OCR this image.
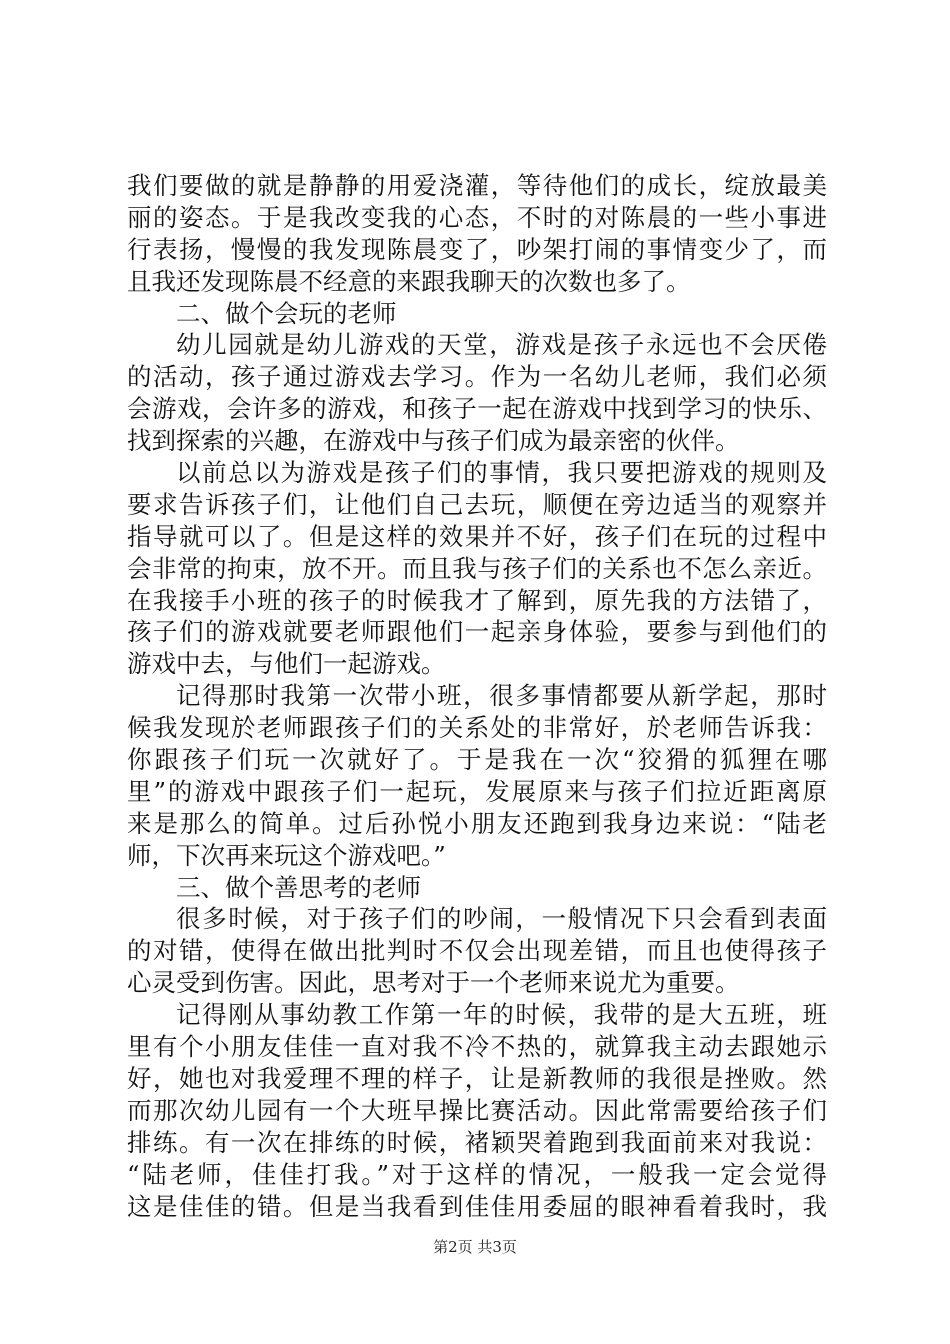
我们要做的就是静静的用爱浇灌，等待他们的成长，绽放最美
丽的姿态。于是我改变我的心态，不时的对陈晨的一些小事进
行表扬，慢慢的我发现陈晨变了，吵架打闹的事情变少了，而
且我还发现陈晨不经意的来跟我聊天的次数也多了。
二、做个会玩的老师
幼儿园就是幼儿游戏的天堂，游戏是孩子永远也不会厌倦
的活动，孩子通过游戏去学习。作为一名幼儿老师，我们必须
会游戏，会许多的游戏，和孩子一起在游戏中找到学习的快乐、
找到探索的兴趣，在游戏中与孩子们成为最亲密的伙伴。
以前总以为游戏是孩子们的事情，我只要把游戏的规则及
要求告诉孩子们，让他们自己去玩，顺便在旁边适当的观察并
指导就可以了。但是这样的效果并不好，孩子们在玩的过程中
会非常的拘束，放不开。而且我与孩子们的关系也不怎么亲近。
在我接手小班的孩子的时候我才了解到，原先我的方法错了，
孩子们的游戏就要老师跟他们一起亲身体验，要参与到他们的
游戏中去，与他们一起游戏。
记得那时我第一次带小班，很多事情都要从新学起，那时
候我发现於老师跟孩子们的关系处的非常好，於老师告诉我：
你跟孩子们玩一次就好了。于是我在一次“狡猾的狐狸在哪
里”的游戏中跟孩子们一起玩，发展原来与孩子们拉近距离原
来是那么的简单。过后孙悦小朋友还跑到我身边来说：“陆老
师，下次再来玩这个游戏吧。”
三、做个善思考的老师
很多时候，对于孩子们的吵闹，一般情况下只会看到表面
的对错，使得在做出批判时不仅会出现差错，而且也使得孩子
心灵受到伤害。因此，思考对于一个老师来说尤为重要。
记得刚从事幼教工作第一年的时候，我带的是大五班，班
里有个小朋友佳佳一直对我不冷不热的，就算我主动去跟她示
好，她也对我爱理不理的样子，让是新教师的我很是挫败。然
而那次幼儿园有一个大班早操比赛活动。因此常需要给孩子们
排练。有一次在排练的时候，褚颖哭着跑到我面前来对我说：
“陆老师，佳佳打我。”对于这样的情况，一般我一定会觉得
这是佳佳的错。但是当我看到佳佳用委屈的眼神看着我时，我
第2页 共3页
